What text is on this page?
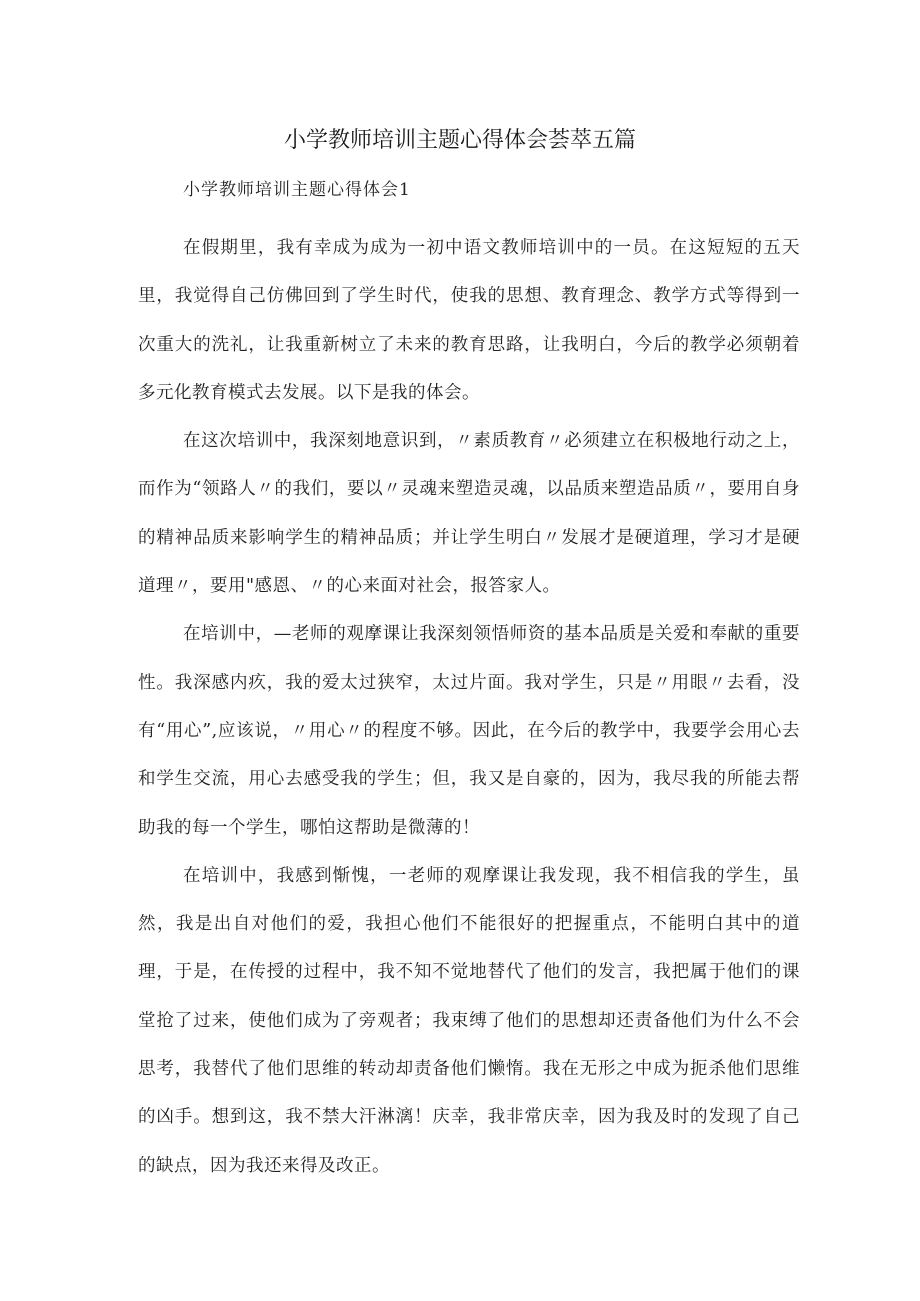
小学教师培训主题心得体会荟萃五篇

小学教师培训主题心得体会1

在假期里，我有幸成为成为一初中语文教师培训中的一员。在这短短的五天里，我觉得自己仿佛回到了学生时代，使我的思想、教育理念、教学方式等得到一次重大的洗礼，让我重新树立了未来的教育思路，让我明白，今后的教学必须朝着多元化教育模式去发展。以下是我的体会。

在这次培训中，我深刻地意识到，〃素质教育〃必须建立在积极地行动之上，而作为“领路人〃的我们，要以〃灵魂来塑造灵魂，以品质来塑造品质〃，要用自身的精神品质来影响学生的精神品质；并让学生明白〃发展才是硬道理，学习才是硬道理〃，要用"感恩、〃的心来面对社会，报答家人。

在培训中，—老师的观摩课让我深刻领悟师资的基本品质是关爱和奉献的重要性。我深感内疚，我的爱太过狭窄，太过片面。我对学生，只是〃用眼〃去看，没有“用心”,应该说，〃用心〃的程度不够。因此，在今后的教学中，我要学会用心去和学生交流，用心去感受我的学生；但，我又是自豪的，因为，我尽我的所能去帮助我的每一个学生，哪怕这帮助是微薄的！

在培训中，我感到惭愧，一老师的观摩课让我发现，我不相信我的学生，虽然，我是出自对他们的爱，我担心他们不能很好的把握重点，不能明白其中的道理，于是，在传授的过程中，我不知不觉地替代了他们的发言，我把属于他们的课堂抢了过来，使他们成为了旁观者；我束缚了他们的思想却还责备他们为什么不会思考，我替代了他们思维的转动却责备他们懒惰。我在无形之中成为扼杀他们思维的凶手。想到这，我不禁大汗淋漓！庆幸，我非常庆幸，因为我及时的发现了自己的缺点，因为我还来得及改正。
